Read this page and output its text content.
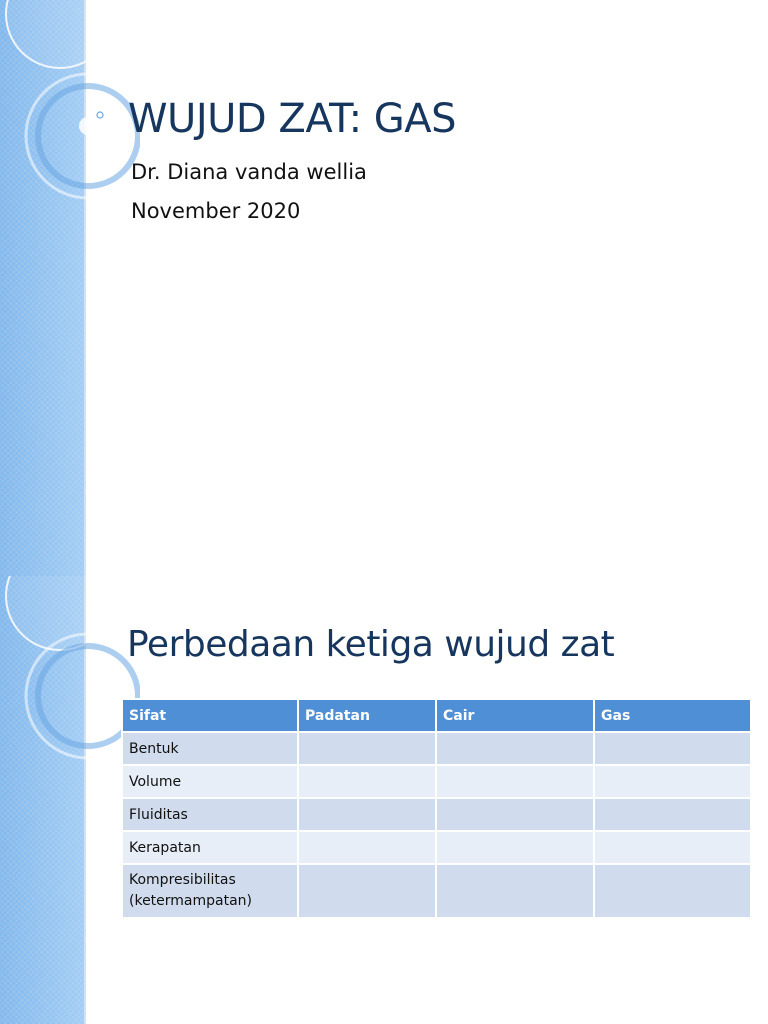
WUJUD ZAT: GAS

Dr. Diana vanda wellia

November 2020

Perbedaan ketiga wujud zat
Sifat	Padatan	Cair	Gas
Bentuk			
Volume			
Fluiditas			
Kerapatan			

Kompresibilitas
(ketermampatan)			
